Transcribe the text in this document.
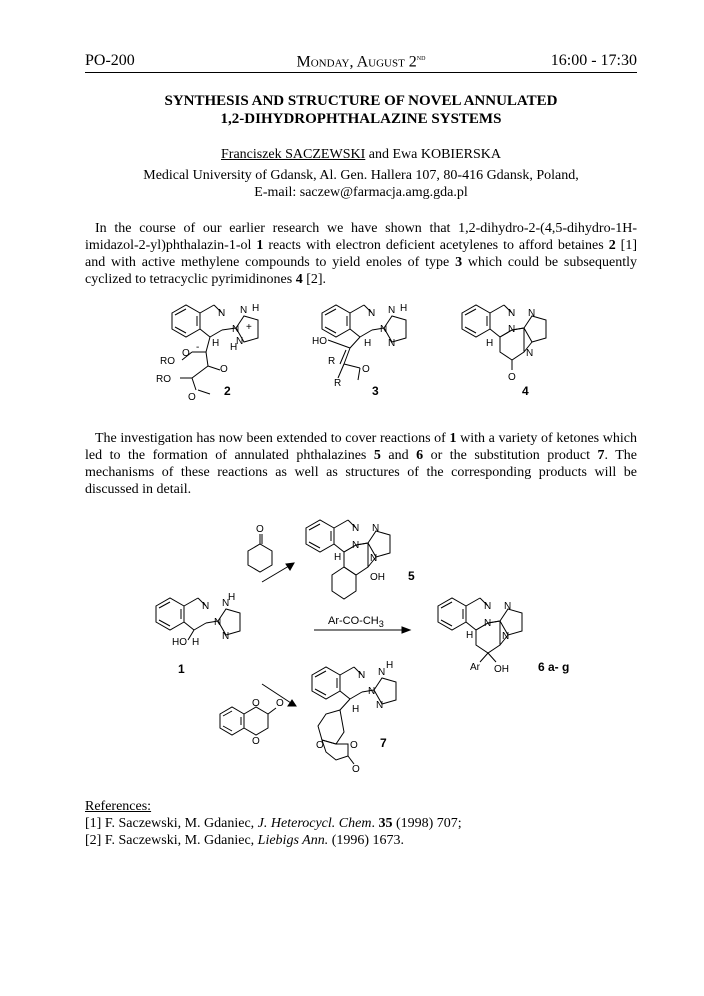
PO-200	Monday, August 2nd	16:00 - 17:30
SYNTHESIS AND STRUCTURE OF NOVEL ANNULATED
1,2-DIHYDROPHTHALAZINE SYSTEMS
Franciszek SACZEWSKI and Ewa KOBIERSKA
Medical University of Gdansk, Al. Gen. Hallera 107, 80-416 Gdansk, Poland,
E-mail: saczew@farmacja.amg.gda.pl
In the course of our earlier research we have shown that 1,2-dihydro-2-(4,5-dihydro-1H-imidazol-2-yl)phthalazin-1-ol 1 reacts with electron deficient acetylenes to afford betaines 2 [1] and with active methylene compounds to yield enoles of type 3 which could be subsequently cyclized to tetracyclic pyrimidinones 4 [2].
The investigation has now been extended to cover reactions of 1 with a variety of ketones which led to the formation of annulated phthalazines 5 and 6 or the substitution product 7. The mechanisms of these reactions as well as structures of the corresponding products will be discussed in detail.
N
N
N H
N
H
+
H
-
O
RO
O
RO
O
N
N
N H
N
H
HO
O
R
R
N
N
N
N
H
O
N
N
N
H
N
HO H
O	N
N
N
N
H
OH
N
N
N
N
H
Ar OH
N
N
N
H
N
H
O	O
O
O
O
O
2	3	4
1
5
6 a- g
7
$Ar-CO-CH_3$
References:
[1] F. Saczewski, M. Gdaniec, J. Heterocycl. Chem. 35 (1998) 707;
[2] F. Saczewski, M. Gdaniec, Liebigs Ann. (1996) 1673.
